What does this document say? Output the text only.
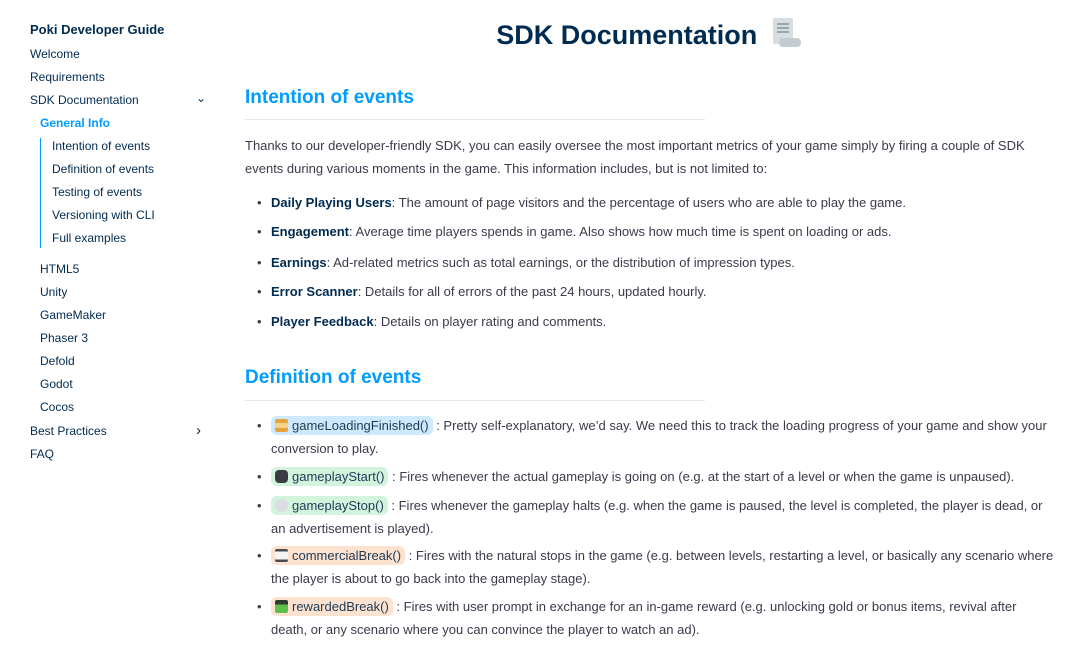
Poki Developer Guide
Welcome
Requirements
SDK Documentation	⌄
General Info
Intention of events
Definition of events
Testing of events
Versioning with CLI
Full examples
HTML5
Unity
GameMaker
Phaser 3
Defold
Godot
Cocos
Best Practices	›
FAQ
SDK Documentation
Intention of events

Thanks to our developer-friendly SDK, you can easily oversee the most important metrics of your game simply by firing a couple of SDK events during various moments in the game. This information includes, but is not limited to:

• Daily Playing Users: The amount of page visitors and the percentage of users who are able to play the game.
• Engagement: Average time players spends in game. Also shows how much time is spent on loading or ads.
• Earnings: Ad-related metrics such as total earnings, or the distribution of impression types.
• Error Scanner: Details for all of errors of the past 24 hours, updated hourly.
• Player Feedback: Details on player rating and comments.
Definition of events
• gameLoadingFinished() : Pretty self-explanatory, we’d say. We need this to track the loading progress of your game and show your conversion to play.
• gameplayStart() : Fires whenever the actual gameplay is going on (e.g. at the start of a level or when the game is unpaused).
• gameplayStop() : Fires whenever the gameplay halts (e.g. when the game is paused, the level is completed, the player is dead, or an advertisement is played).
• commercialBreak() : Fires with the natural stops in the game (e.g. between levels, restarting a level, or basically any scenario where the player is about to go back into the gameplay stage).
• rewardedBreak() : Fires with user prompt in exchange for an in-game reward (e.g. unlocking gold or bonus items, revival after death, or any scenario where you can convince the player to watch an ad).
